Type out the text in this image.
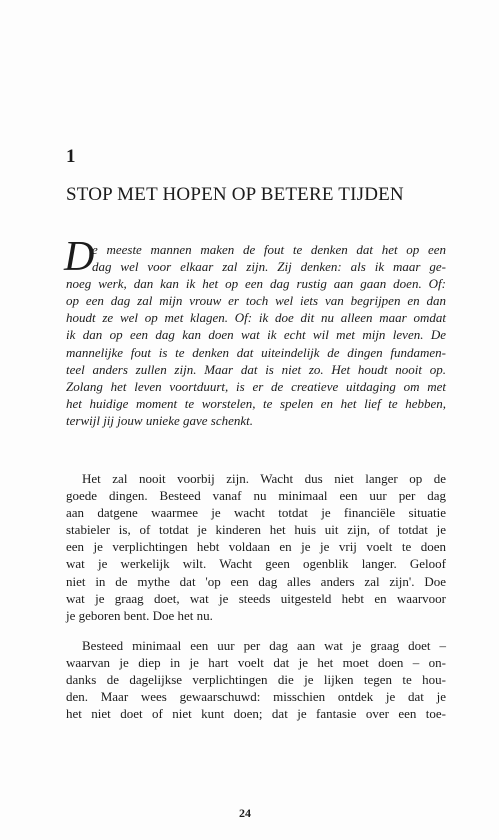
1
STOP MET HOPEN OP BETERE TIJDEN
D
e meeste mannen maken de fout te denken dat het op een
dag wel voor elkaar zal zijn. Zij denken: als ik maar ge-
noeg werk, dan kan ik het op een dag rustig aan gaan doen. Of:
op een dag zal mijn vrouw er toch wel iets van begrijpen en dan
houdt ze wel op met klagen. Of: ik doe dit nu alleen maar omdat
ik dan op een dag kan doen wat ik echt wil met mijn leven. De
mannelijke fout is te denken dat uiteindelijk de dingen fundamen-
teel anders zullen zijn. Maar dat is niet zo. Het houdt nooit op.
Zolang het leven voortduurt, is er de creatieve uitdaging om met
het huidige moment te worstelen, te spelen en het lief te hebben,
terwijl jij jouw unieke gave schenkt.
Het zal nooit voorbij zijn. Wacht dus niet langer op de
goede dingen. Besteed vanaf nu minimaal een uur per dag
aan datgene waarmee je wacht totdat je financiële situatie
stabieler is, of totdat je kinderen het huis uit zijn, of totdat je
een je verplichtingen hebt voldaan en je je vrij voelt te doen
wat je werkelijk wilt. Wacht geen ogenblik langer. Geloof
niet in de mythe dat 'op een dag alles anders zal zijn'. Doe
wat je graag doet, wat je steeds uitgesteld hebt en waarvoor
je geboren bent. Doe het nu.
Besteed minimaal een uur per dag aan wat je graag doet –
waarvan je diep in je hart voelt dat je het moet doen – on-
danks de dagelijkse verplichtingen die je lijken tegen te hou-
den. Maar wees gewaarschuwd: misschien ontdek je dat je
het niet doet of niet kunt doen; dat je fantasie over een toe-
24
